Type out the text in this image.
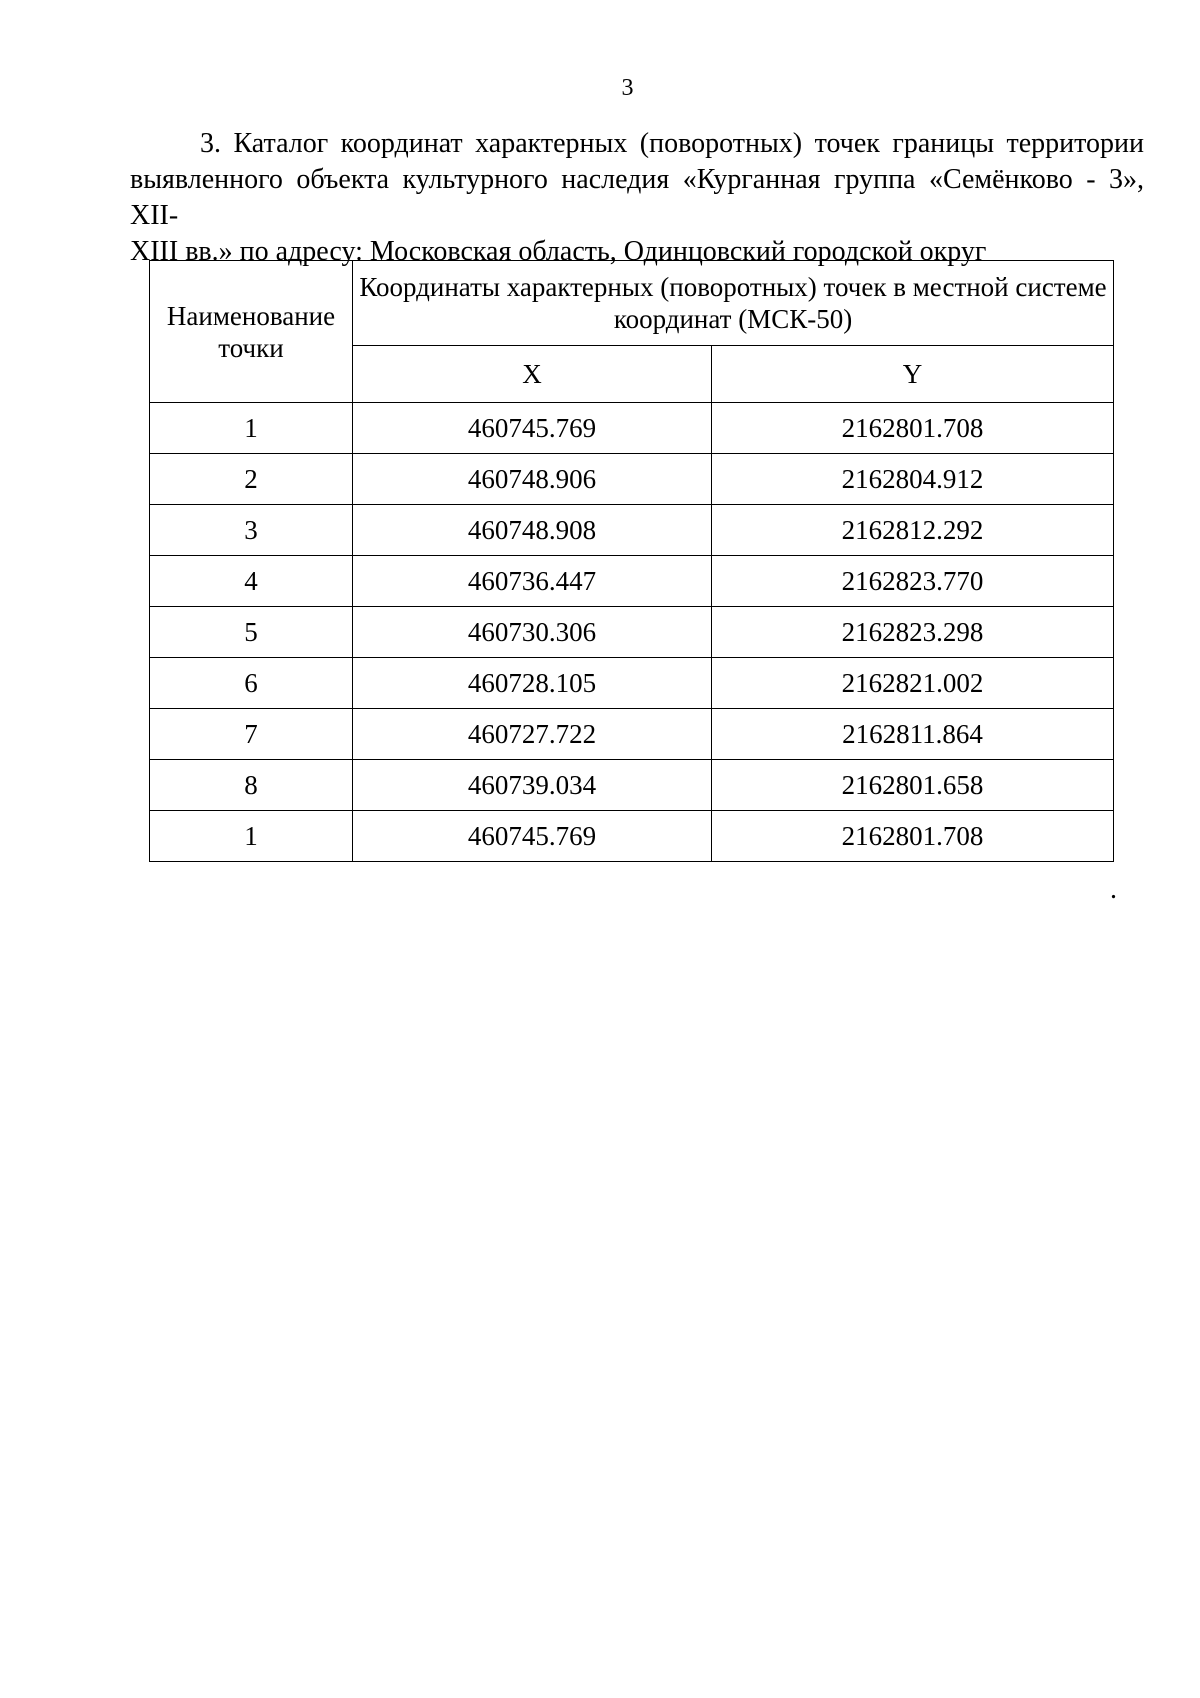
3
3. Каталог координат характерных (поворотных) точек границы территории
выявленного объекта культурного наследия «Курганная группа «Семёнково - 3», XII-
XIII вв.» по адресу: Московская область, Одинцовский городской округ
Наименование точки	Координаты характерных (поворотных) точек в местной системе координат (МСК-50)	
	X	Y
1	460745.769	2162801.708
2	460748.906	2162804.912
3	460748.908	2162812.292
4	460736.447	2162823.770
5	460730.306	2162823.298
6	460728.105	2162821.002
7	460727.722	2162811.864
8	460739.034	2162801.658
1	460745.769	2162801.708
.
